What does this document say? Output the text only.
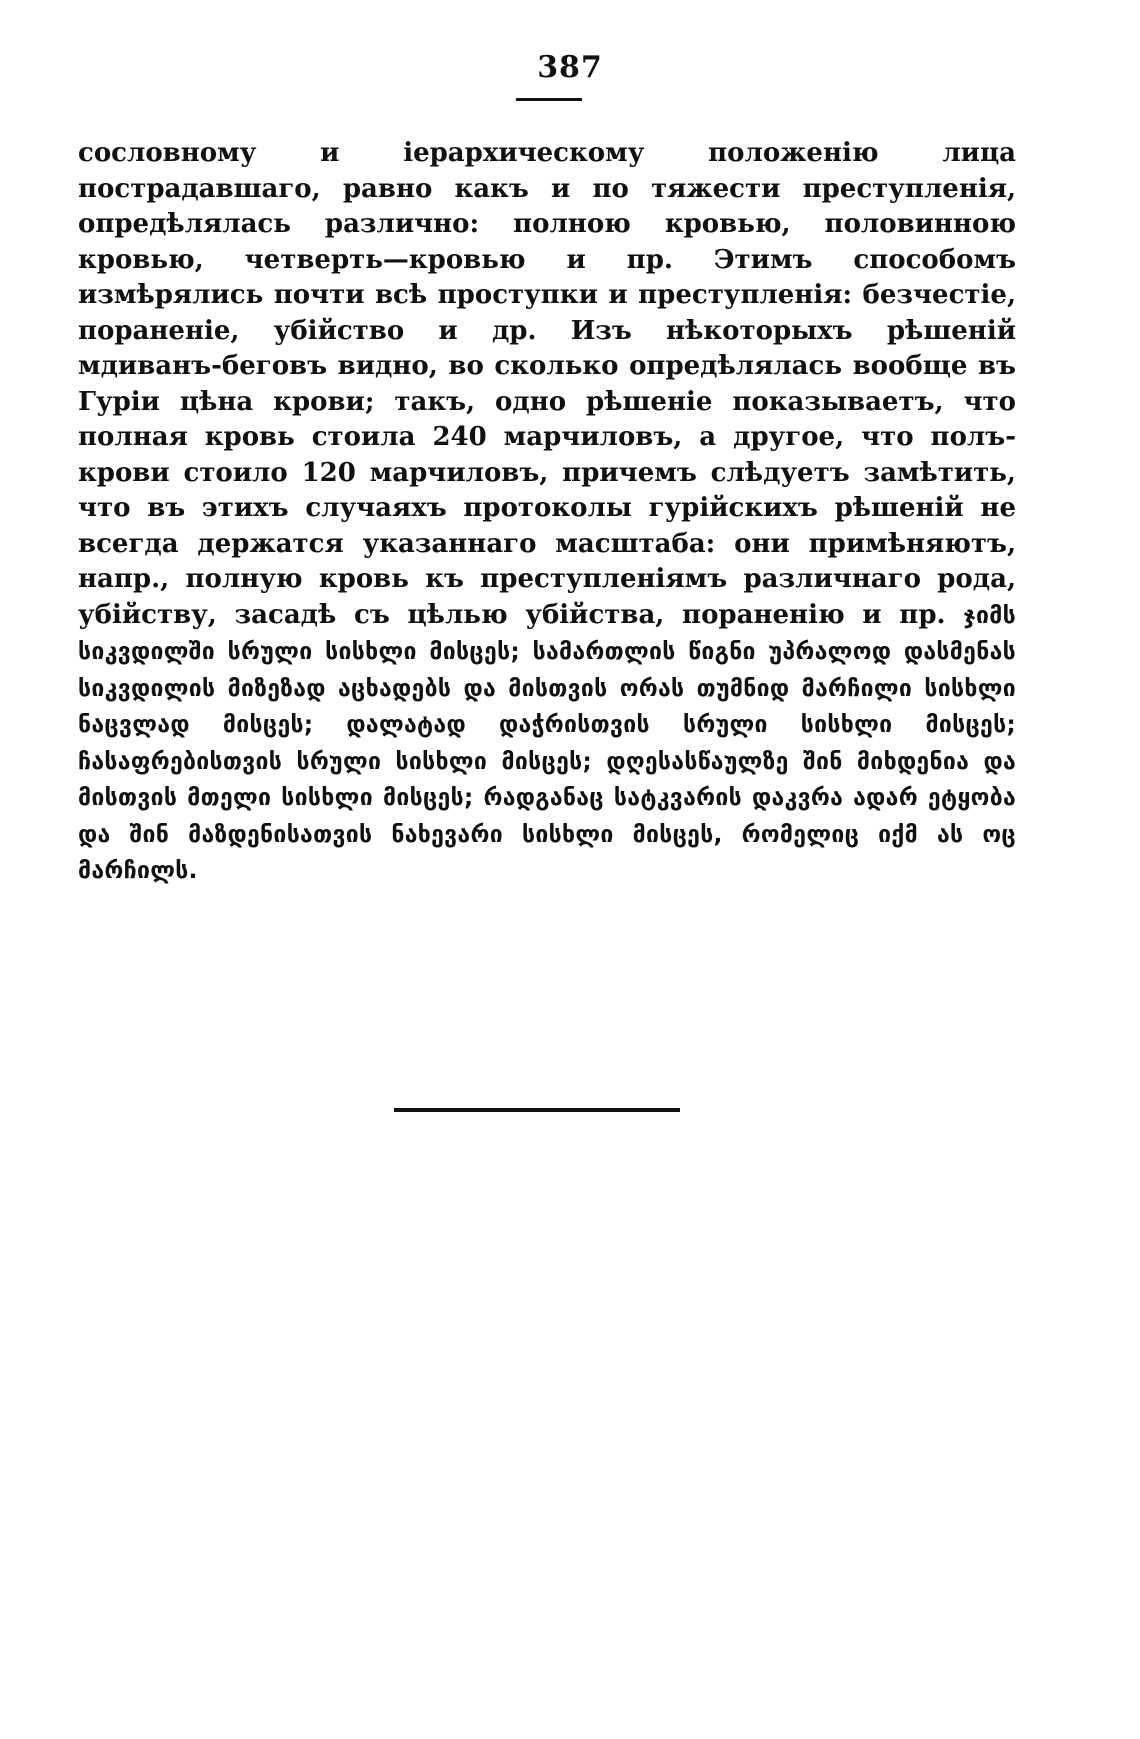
387
сословному и іерархическому положенію лица пострадавшаго, равно какъ и по тяжести преступленія, опредѣлялась различно: полною кровью, половинною кровью, четверть—кровью и пр. Этимъ способомъ измѣрялись почти всѣ проступки и преступленія: безчестіе, пораненіе, убійство и др. Изъ нѣкоторыхъ рѣшеній мдиванъ-беговъ видно, во сколько опредѣлялась вообще въ Гуріи цѣна крови; такъ, одно рѣшеніе показываетъ, что полная кровь стоила 240 марчиловъ, а другое, что полъ-крови стоило 120 марчиловъ, причемъ слѣдуетъ замѣтить, что въ этихъ случаяхъ протоколы гурійскихъ рѣшеній не всегда держатся указаннаго масштаба: они примѣняютъ, напр., полную кровь къ преступленіямъ различнаго рода, убійству, засадѣ съ цѣлью убійства, пораненію и пр. ჯიმს სიკვდილში სრული სისხლი მისცეს; სამართლის წიგნი უპრალოდ დასმენას სიკვდილის მიზეზად აცხადებს და მისთვის ორას თუმნიდ მარჩილი სისხლი ნაცვლად მისცეს; დალატად დაჭრისთვის სრული სისხლი მისცეს; ჩასაფრებისთვის სრული სისხლი მისცეს; დღესასწაულზე შინ მიხდენია და მისთვის მთელი სისხლი მისცეს; რადგანაც სატკვარის დაკვრა ადარ ეტყობა და შინ მაზდენისათვის ნახევარი სისხლი მისცეს, რომელიც იქმ ას ოც მარჩილს.
